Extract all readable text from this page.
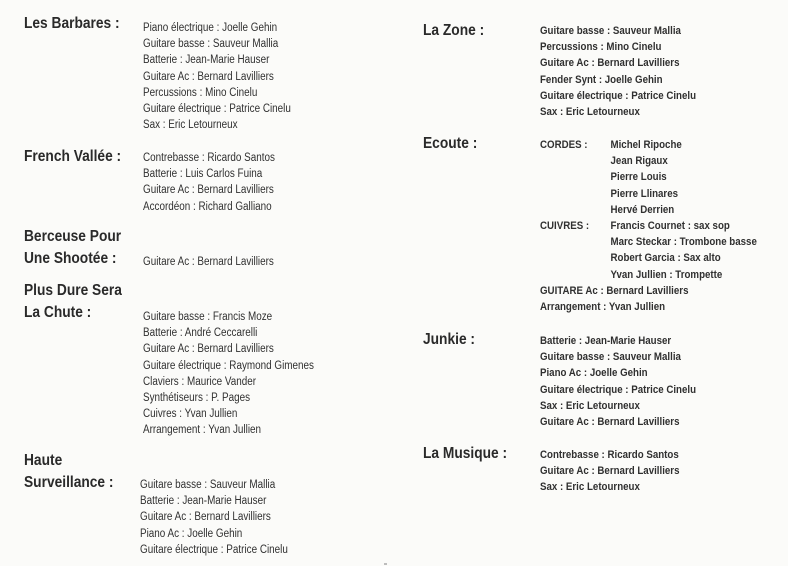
Les Barbares : Piano électrique : Joelle Gehin
Guitare basse : Sauveur Mallia
Batterie : Jean-Marie Hauser
Guitare Ac : Bernard Lavilliers
Percussions : Mino Cinelu
Guitare électrique : Patrice Cinelu
Sax : Eric Letourneux
French Vallée : Contrebasse : Ricardo Santos
Batterie : Luis Carlos Fuina
Guitare Ac : Bernard Lavilliers
Accordéon : Richard Galliano
Berceuse Pour
Une Shootée :	Guitare Ac : Bernard Lavilliers
Plus Dure Sera
La Chute :	Guitare basse : Francis Moze
Batterie : André Ceccarelli
Guitare Ac : Bernard Lavilliers
Guitare électrique : Raymond Gimenes
Claviers : Maurice Vander
Synthétiseurs : P. Pages
Cuivres : Yvan Jullien
Arrangement : Yvan Jullien
Haute
Surveillance : Guitare basse : Sauveur Mallia
Batterie : Jean-Marie Hauser
Guitare Ac : Bernard Lavilliers
Piano Ac : Joelle Gehin
Guitare électrique : Patrice Cinelu
La Zone :	Guitare basse : Sauveur Mallia
Percussions : Mino Cinelu
Guitare Ac : Bernard Lavilliers
Fender Synt : Joelle Gehin
Guitare électrique : Patrice Cinelu
Sax : Eric Letourneux
Ecoute :	CORDES :	Michel Ripoche
Jean Rigaux
Pierre Louis
Pierre Llinares
Hervé Derrien
CUIVRES :	Francis Cournet : sax sop
Marc Steckar : Trombone basse
Robert Garcia : Sax alto
Yvan Jullien : Trompette
GUITARE Ac : Bernard Lavilliers
Arrangement : Yvan Jullien
Junkie :	Batterie : Jean-Marie Hauser
Guitare basse : Sauveur Mallia
Piano Ac : Joelle Gehin
Guitare électrique : Patrice Cinelu
Sax : Eric Letourneux
Guitare Ac : Bernard Lavilliers
La Musique :	Contrebasse : Ricardo Santos
Guitare Ac : Bernard Lavilliers
Sax : Eric Letourneux
